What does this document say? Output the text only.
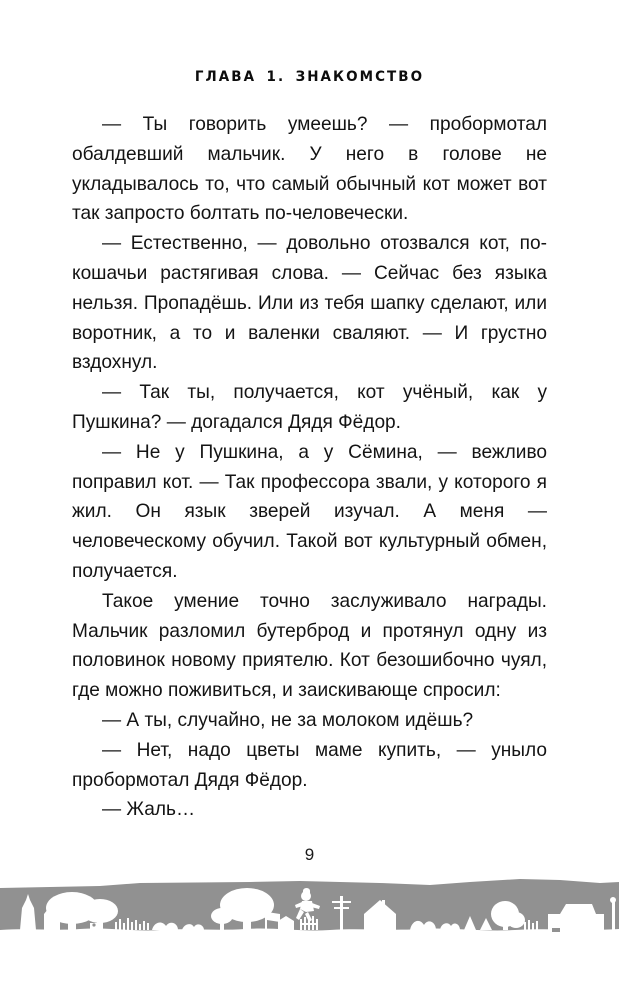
ГЛАВА 1. ЗНАКОМСТВО

— Ты говорить умеешь? — пробормотал обалдевший мальчик. У него в голове не укладывалось то, что самый обычный кот может вот так запросто болтать по-человечески.

— Естественно, — довольно отозвался кот, по-кошачьи растягивая слова. — Сейчас без языка нельзя. Пропадёшь. Или из тебя шапку сделают, или воротник, а то и валенки сваляют. — И грустно вздохнул.

— Так ты, получается, кот учёный, как у Пушкина? — догадался Дядя Фёдор.

— Не у Пушкина, а у Сёмина, — вежливо поправил кот. — Так профессора звали, у которого я жил. Он язык зверей изучал. А меня — человеческому обучил. Такой вот культурный обмен, получается.

Такое умение точно заслуживало награды. Мальчик разломил бутерброд и протянул одну из половинок новому приятелю. Кот безошибочно чуял, где можно поживиться, и заискивающе спросил:

— А ты, случайно, не за молоком идёшь?

— Нет, надо цветы маме купить, — уныло пробормотал Дядя Фёдор.

— Жаль…

9
